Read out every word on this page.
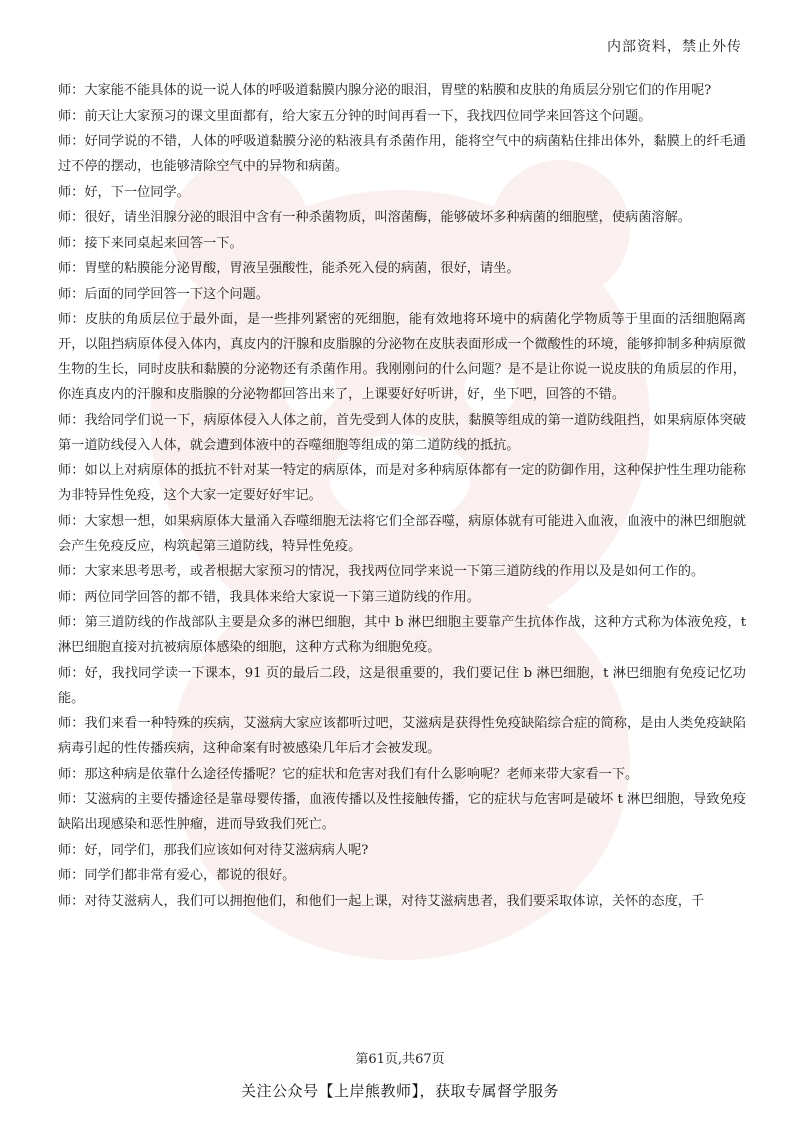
内部资料，禁止外传

师：大家能不能具体的说一说人体的呼吸道黏膜内腺分泌的眼泪，胃壁的粘膜和皮肤的角质层分别它们的作用呢?

师：前天让大家预习的课文里面都有，给大家五分钟的时间再看一下，我找四位同学来回答这个问题。

师：好同学说的不错，人体的呼吸道黏膜分泌的粘液具有杀菌作用，能将空气中的病菌粘住排出体外，黏膜上的纤毛通过不停的摆动，也能够清除空气中的异物和病菌。

师：好，下一位同学。

师：很好，请坐泪腺分泌的眼泪中含有一种杀菌物质，叫溶菌酶，能够破坏多种病菌的细胞壁，使病菌溶解。

师：接下来同桌起来回答一下。

师：胃壁的粘膜能分泌胃酸，胃液呈强酸性，能杀死入侵的病菌，很好，请坐。

师：后面的同学回答一下这个问题。

师：皮肤的角质层位于最外面，是一些排列紧密的死细胞，能有效地将环境中的病菌化学物质等于里面的活细胞隔离开，以阻挡病原体侵入体内，真皮内的汗腺和皮脂腺的分泌物在皮肤表面形成一个微酸性的环境，能够抑制多种病原微生物的生长，同时皮肤和黏膜的分泌物还有杀菌作用。我刚刚问的什么问题？是不是让你说一说皮肤的角质层的作用，你连真皮内的汗腺和皮脂腺的分泌物都回答出来了，上课要好好听讲，好，坐下吧，回答的不错。

师：我给同学们说一下，病原体侵入人体之前，首先受到人体的皮肤，黏膜等组成的第一道防线阻挡，如果病原体突破第一道防线侵入人体，就会遭到体液中的吞噬细胞等组成的第二道防线的抵抗。

师：如以上对病原体的抵抗不针对某一特定的病原体，而是对多种病原体都有一定的防御作用，这种保护性生理功能称为非特异性免疫，这个大家一定要好好牢记。

师：大家想一想，如果病原体大量涌入吞噬细胞无法将它们全部吞噬，病原体就有可能进入血液，血液中的淋巴细胞就会产生免疫反应，构筑起第三道防线，特异性免疫。

师：大家来思考思考，或者根据大家预习的情况，我找两位同学来说一下第三道防线的作用以及是如何工作的。

师：两位同学回答的都不错，我具体来给大家说一下第三道防线的作用。

师：第三道防线的作战部队主要是众多的淋巴细胞，其中 b 淋巴细胞主要靠产生抗体作战，这种方式称为体液免疫，t 淋巴细胞直接对抗被病原体感染的细胞，这种方式称为细胞免疫。

师：好，我找同学读一下课本，91 页的最后二段，这是很重要的，我们要记住 b 淋巴细胞，t 淋巴细胞有免疫记忆功能。

师：我们来看一种特殊的疾病，艾滋病大家应该都听过吧，艾滋病是获得性免疫缺陷综合症的简称，是由人类免疫缺陷病毒引起的性传播疾病，这种命案有时被感染几年后才会被发现。

师：那这种病是依靠什么途径传播呢？它的症状和危害对我们有什么影响呢？老师来带大家看一下。

师：艾滋病的主要传播途径是靠母婴传播，血液传播以及性接触传播，它的症状与危害呵是破坏 t 淋巴细胞，导致免疫缺陷出现感染和恶性肿瘤，进而导致我们死亡。

师：好，同学们，那我们应该如何对待艾滋病病人呢?

师：同学们都非常有爱心，都说的很好。

师：对待艾滋病人，我们可以拥抱他们，和他们一起上课，对待艾滋病患者，我们要采取体谅，关怀的态度，千

第61页,共67页
关注公众号【上岸熊教师】，获取专属督学服务
